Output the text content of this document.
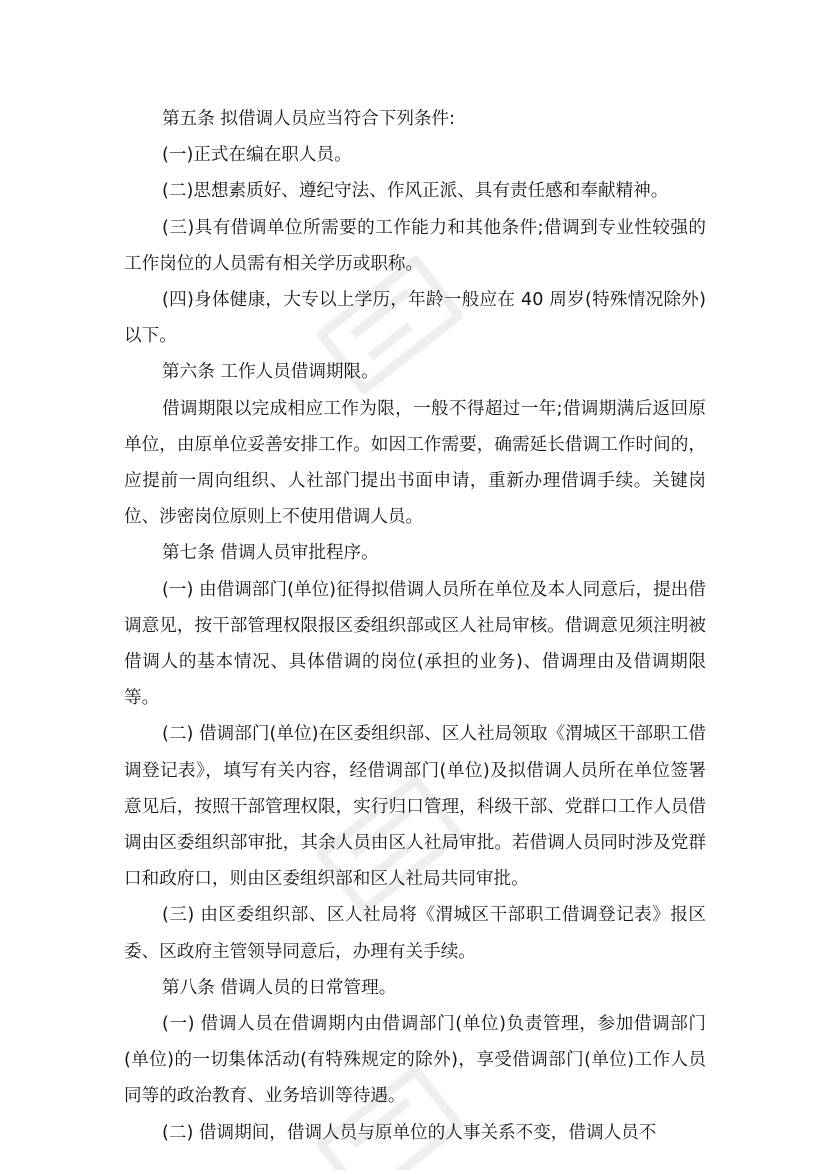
第五条 拟借调人员应当符合下列条件:

(一)正式在编在职人员。

(二)思想素质好、遵纪守法、作风正派、具有责任感和奉献精神。

(三)具有借调单位所需要的工作能力和其他条件;借调到专业性较强的工作岗位的人员需有相关学历或职称。

(四)身体健康，大专以上学历，年龄一般应在 40 周岁(特殊情况除外)以下。

第六条 工作人员借调期限。

借调期限以完成相应工作为限，一般不得超过一年;借调期满后返回原单位，由原单位妥善安排工作。如因工作需要，确需延长借调工作时间的，应提前一周向组织、人社部门提出书面申请，重新办理借调手续。关键岗位、涉密岗位原则上不使用借调人员。

第七条 借调人员审批程序。

(一) 由借调部门(单位)征得拟借调人员所在单位及本人同意后，提出借调意见，按干部管理权限报区委组织部或区人社局审核。借调意见须注明被借调人的基本情况、具体借调的岗位(承担的业务)、借调理由及借调期限等。

(二) 借调部门(单位)在区委组织部、区人社局领取《渭城区干部职工借调登记表》，填写有关内容，经借调部门(单位)及拟借调人员所在单位签署意见后，按照干部管理权限，实行归口管理，科级干部、党群口工作人员借调由区委组织部审批，其余人员由区人社局审批。若借调人员同时涉及党群口和政府口，则由区委组织部和区人社局共同审批。

(三) 由区委组织部、区人社局将《渭城区干部职工借调登记表》报区委、区政府主管领导同意后，办理有关手续。

第八条 借调人员的日常管理。

(一) 借调人员在借调期内由借调部门(单位)负责管理，参加借调部门(单位)的一切集体活动(有特殊规定的除外)，享受借调部门(单位)工作人员同等的政治教育、业务培训等待遇。

(二) 借调期间，借调人员与原单位的人事关系不变，借调人员不
